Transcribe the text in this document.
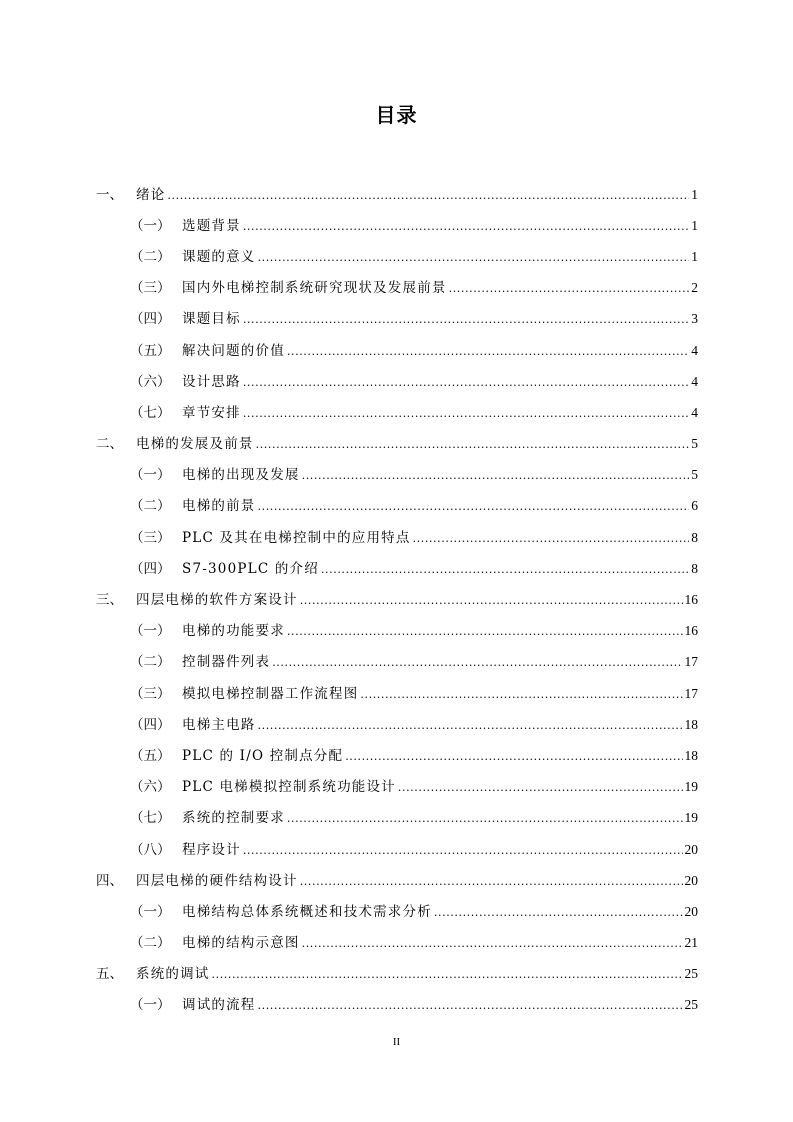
目录
一、 绪论 .....	1
（一） 选题背景 .....	1
（二） 课题的意义 .....	1
（三） 国内外电梯控制系统研究现状及发展前景 .....	2
（四） 课题目标 .....	3
（五） 解决问题的价值 .....	4
（六） 设计思路 .....	4
（七） 章节安排 .....	4
二、 电梯的发展及前景 .....	5
（一） 电梯的出现及发展 .....	5
（二） 电梯的前景 .....	6
（三） PLC 及其在电梯控制中的应用特点 .....	8
（四） S7-300PLC 的介绍 .....	8
三、 四层电梯的软件方案设计 .....	16
（一） 电梯的功能要求 .....	16
（二） 控制器件列表 .....	17
（三） 模拟电梯控制器工作流程图 .....	17
（四） 电梯主电路 .....	18
（五） PLC 的 I/O 控制点分配 .....	18
（六） PLC 电梯模拟控制系统功能设计 .....	19
（七） 系统的控制要求 .....	19
（八） 程序设计 .....	20
四、 四层电梯的硬件结构设计 .....	20
（一） 电梯结构总体系统概述和技术需求分析 .....	20
（二） 电梯的结构示意图 .....	21
五、 系统的调试 .....	25
（一） 调试的流程 .....	25
II
